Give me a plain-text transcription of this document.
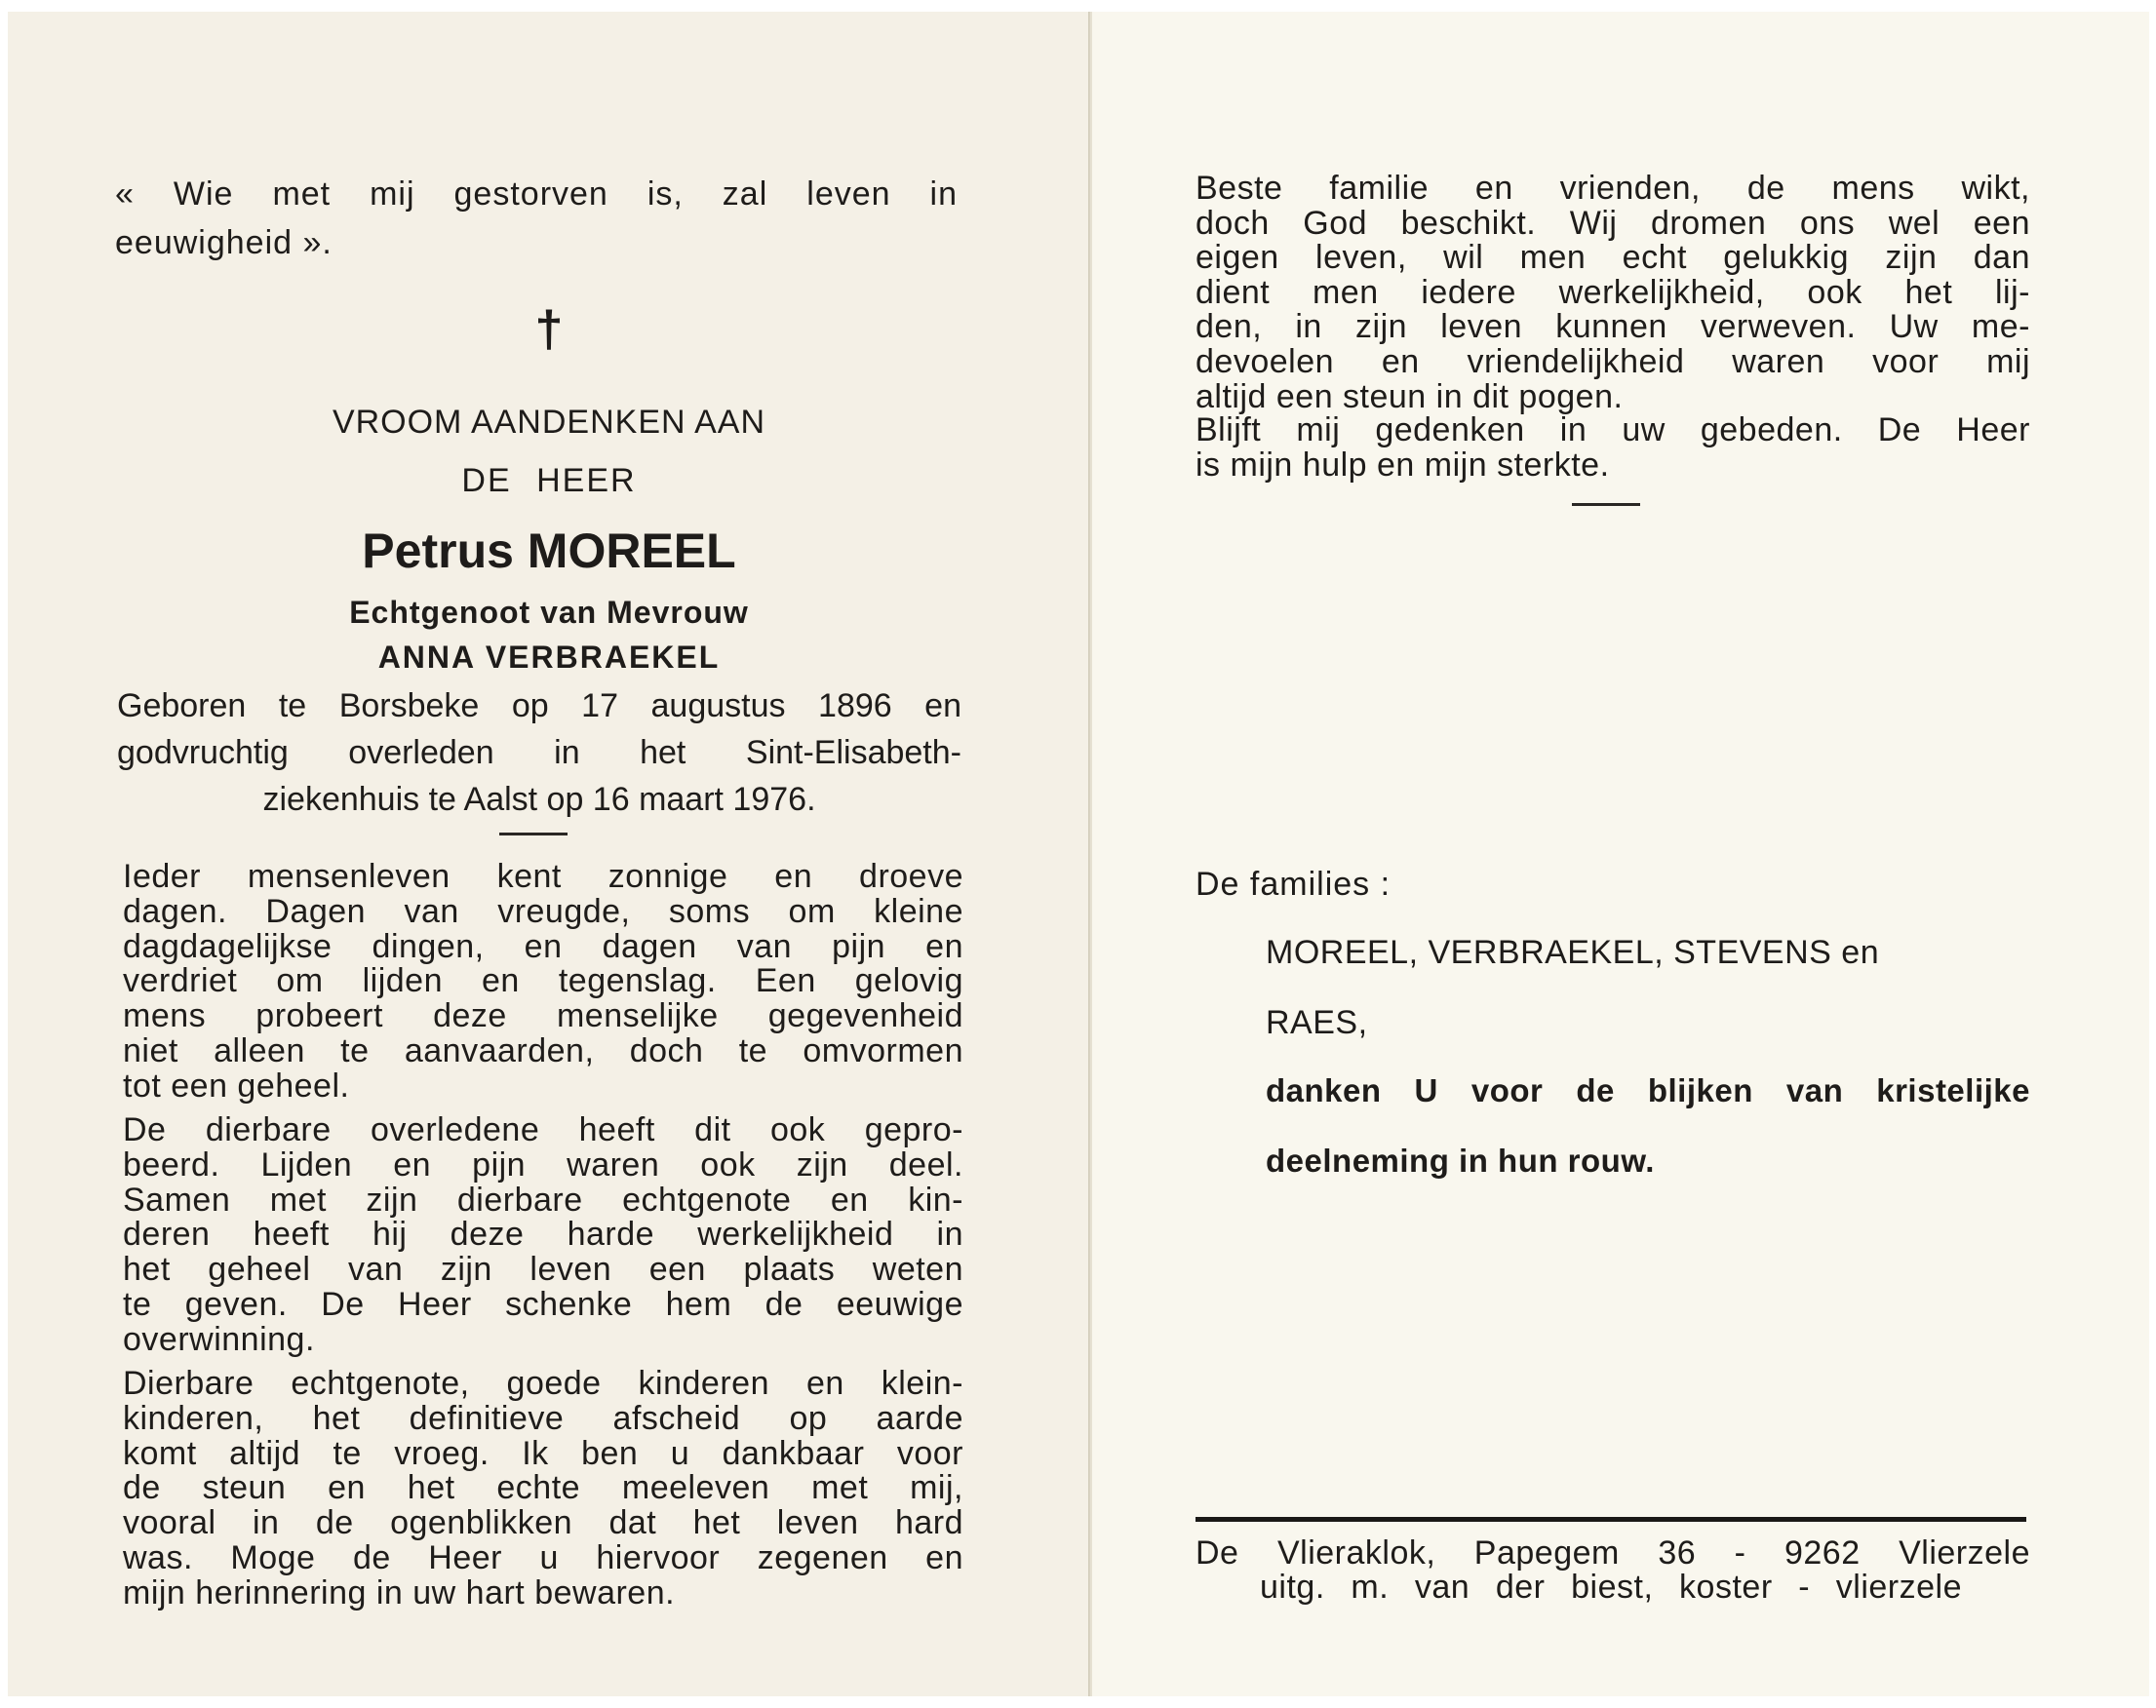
« Wie met mij gestorven is, zal leven in
eeuwigheid ».
†
VROOM AANDENKEN AAN
DE HEER
Petrus MOREEL
Echtgenoot van Mevrouw
ANNA VERBRAEKEL
Geboren te Borsbeke op 17 augustus 1896 en
godvruchtig overleden in het Sint-Elisabeth-
ziekenhuis te Aalst op 16 maart 1976.
Ieder mensenleven kent zonnige en droeve
dagen. Dagen van vreugde, soms om kleine
dagdagelijkse dingen, en dagen van pijn en
verdriet om lijden en tegenslag. Een gelovig
mens probeert deze menselijke gegevenheid
niet alleen te aanvaarden, doch te omvormen
tot een geheel.
De dierbare overledene heeft dit ook gepro-
beerd. Lijden en pijn waren ook zijn deel.
Samen met zijn dierbare echtgenote en kin-
deren heeft hij deze harde werkelijkheid in
het geheel van zijn leven een plaats weten
te geven. De Heer schenke hem de eeuwige
overwinning.
Dierbare echtgenote, goede kinderen en klein-
kinderen, het definitieve afscheid op aarde
komt altijd te vroeg. Ik ben u dankbaar voor
de steun en het echte meeleven met mij,
vooral in de ogenblikken dat het leven hard
was. Moge de Heer u hiervoor zegenen en
mijn herinnering in uw hart bewaren.
Beste familie en vrienden, de mens wikt,
doch God beschikt. Wij dromen ons wel een
eigen leven, wil men echt gelukkig zijn dan
dient men iedere werkelijkheid, ook het lij-
den, in zijn leven kunnen verweven. Uw me-
devoelen en vriendelijkheid waren voor mij
altijd een steun in dit pogen.
Blijft mij gedenken in uw gebeden. De Heer
is mijn hulp en mijn sterkte.
De families :
MOREEL, VERBRAEKEL, STEVENS en
RAES,
danken U voor de blijken van kristelijke
deelneming in hun rouw.
De Vlieraklok, Papegem 36 - 9262 Vlierzele
uitg. m. van der biest, koster - vlierzele
